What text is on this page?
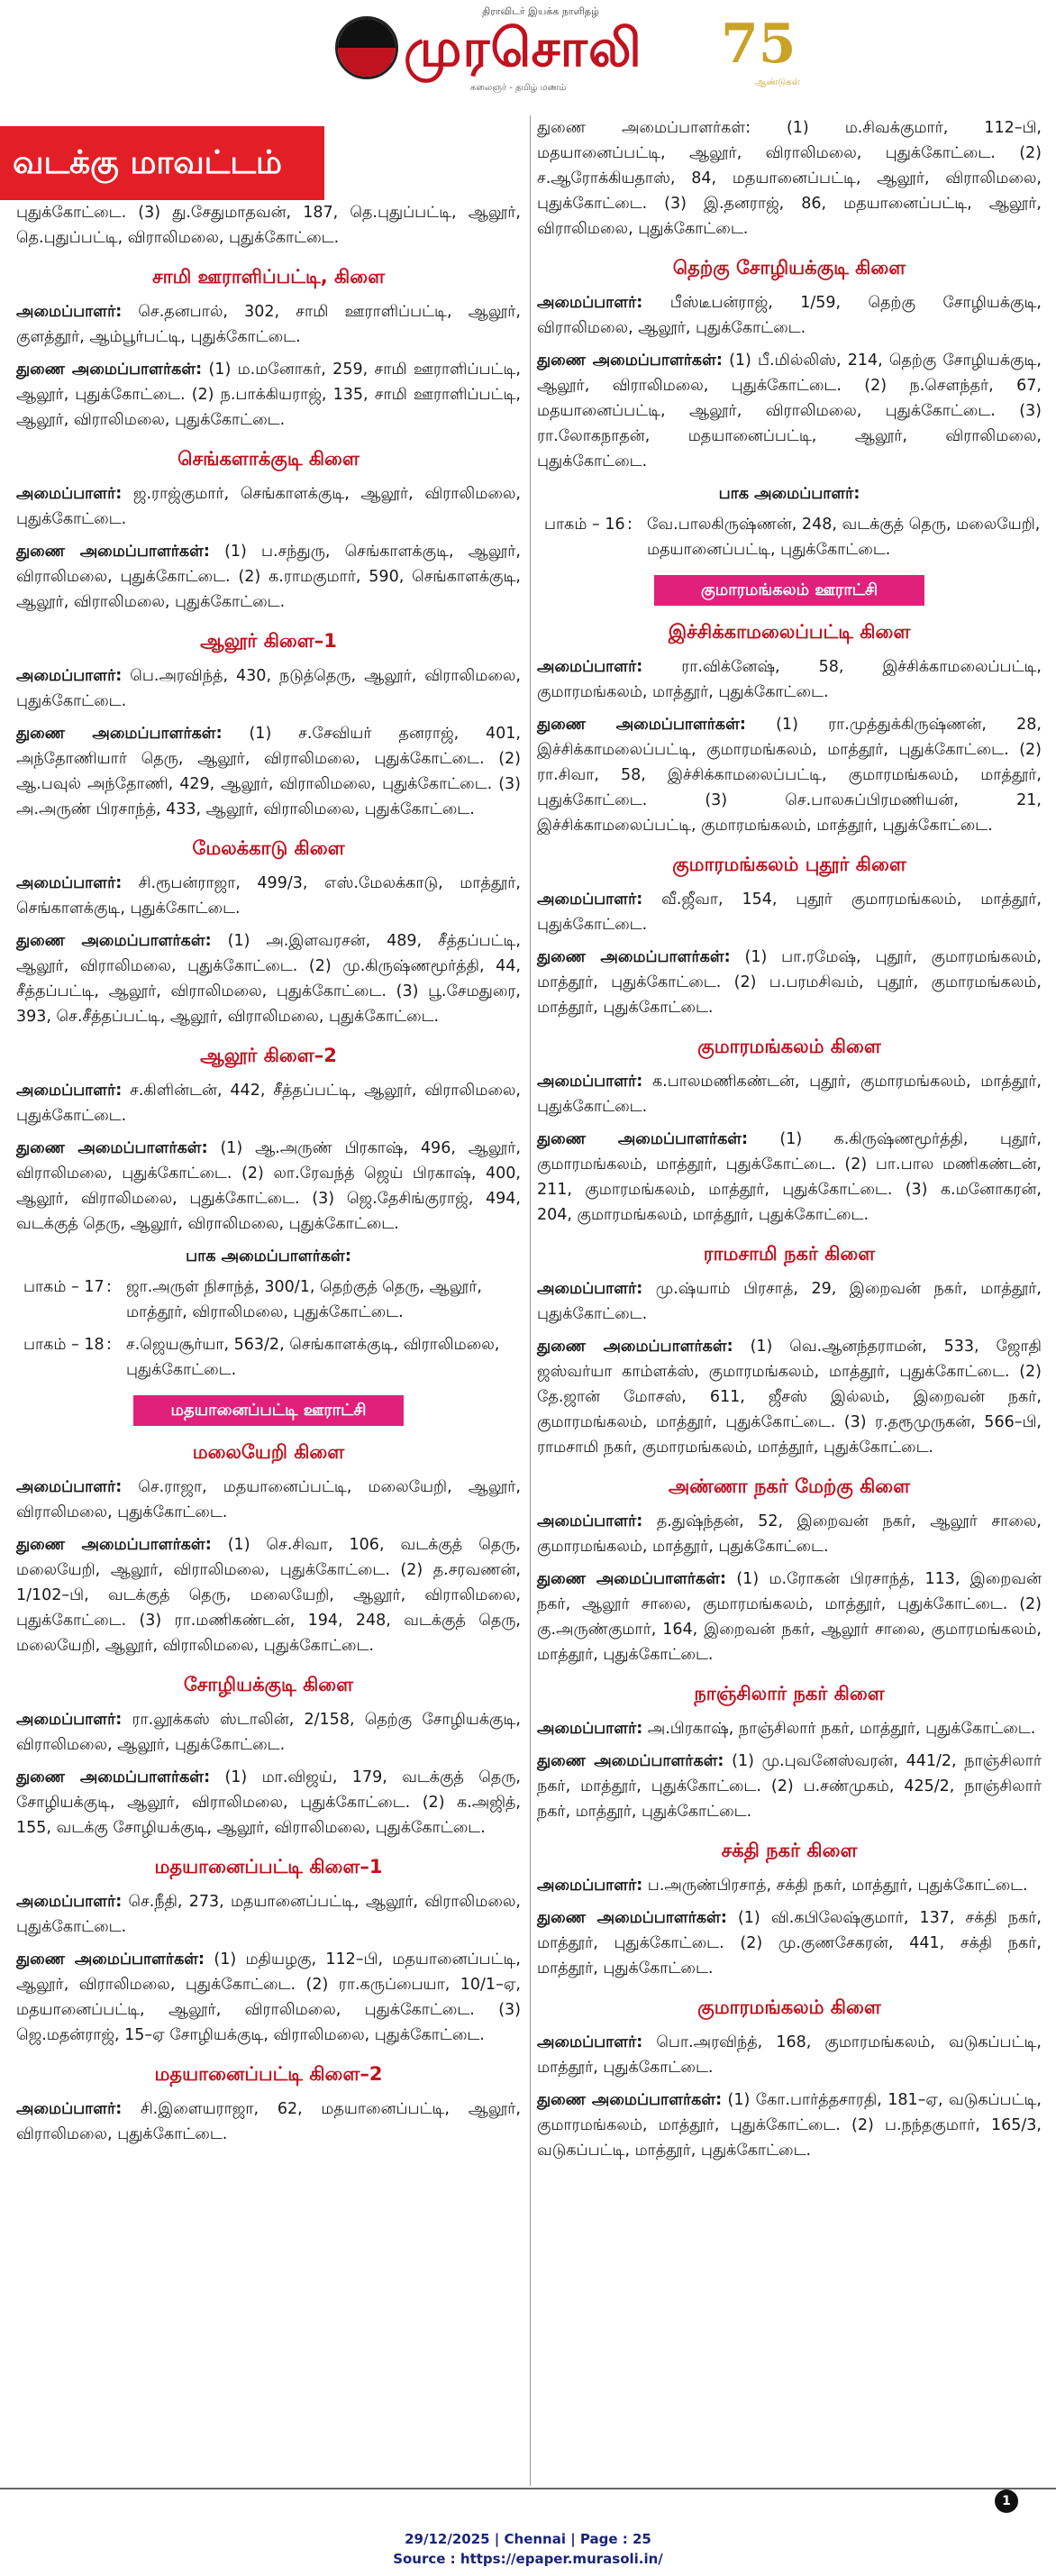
திராவிடர் இயக்க நாளிதழ்
முரசொலி 75
ஆண்டுகள்
கலைஞர் - தமிழ் மணம்
வடக்கு மாவட்டம்
புதுக்கோட்டை. (3) து.சேதுமாதவன், 187, தெ.புதுப்பட்டி, ஆலூர், தெ.புதுப்பட்டி, விராலிமலை, புதுக்கோட்டை.
சாமி ஊராளிப்பட்டி, கிளை
அமைப்பாளர்: செ.தனபால், 302, சாமி ஊராளிப்பட்டி, ஆலூர், குளத்தூர், ஆம்பூர்பட்டி, புதுக்கோட்டை.
துணை அமைப்பாளர்கள்: (1) ம.மனோகர், 259, சாமி ஊராளிப்பட்டி, ஆலூர், புதுக்கோட்டை. (2) ந.பாக்கியராஜ், 135, சாமி ஊராளிப்பட்டி, ஆலூர், விராலிமலை, புதுக்கோட்டை.
செங்களாக்குடி கிளை
அமைப்பாளர்: ஜ.ராஜ்குமார், செங்காளக்குடி, ஆலூர், விராலிமலை, புதுக்கோட்டை.
துணை அமைப்பாளர்கள்: (1) ப.சந்துரு, செங்காளக்குடி, ஆலூர், விராலிமலை, புதுக்கோட்டை. (2) க.ராமகுமார், 590, செங்காளக்குடி, ஆலூர், விராலிமலை, புதுக்கோட்டை.
ஆலூர் கிளை–1
அமைப்பாளர்: பெ.அரவிந்த், 430, நடுத்தெரு, ஆலூர், விராலிமலை, புதுக்கோட்டை.
துணை அமைப்பாளர்கள்: (1) ச.சேவியர் தனராஜ், 401, அந்தோணியார் தெரு, ஆலூர், விராலிமலை, புதுக்கோட்டை. (2) ஆ.பவுல் அந்தோணி, 429, ஆலூர், விராலிமலை, புதுக்கோட்டை. (3) அ.அருண் பிரசாந்த், 433, ஆலூர், விராலிமலை, புதுக்கோட்டை.
மேலக்காடு கிளை
அமைப்பாளர்: சி.ரூபன்ராஜா, 499/3, எஸ்.மேலக்காடு, மாத்தூர், செங்காளக்குடி, புதுக்கோட்டை.
துணை அமைப்பாளர்கள்: (1) அ.இளவரசன், 489, சீத்தப்பட்டி, ஆலூர், விராலிமலை, புதுக்கோட்டை. (2) மு.கிருஷ்ணமூர்த்தி, 44, சீத்தப்பட்டி, ஆலூர், விராலிமலை, புதுக்கோட்டை. (3) பூ.சேமதுரை, 393, செ.சீத்தப்பட்டி, ஆலூர், விராலிமலை, புதுக்கோட்டை.
ஆலூர் கிளை–2
அமைப்பாளர்: ச.கிளின்டன், 442, சீத்தப்பட்டி, ஆலூர், விராலிமலை, புதுக்கோட்டை.
துணை அமைப்பாளர்கள்: (1) ஆ.அருண் பிரகாஷ், 496, ஆலூர், விராலிமலை, புதுக்கோட்டை. (2) லா.ரேவந்த் ஜெய் பிரகாஷ், 400, ஆலூர், விராலிமலை, புதுக்கோட்டை. (3) ஜெ.தேசிங்குராஜ், 494, வடக்குத் தெரு, ஆலூர், விராலிமலை, புதுக்கோட்டை.
பாக அமைப்பாளர்கள்:
பாகம் – 17 : ஜா.அருள் நிசாந்த், 300/1, தெற்குத் தெரு, ஆலூர், மாத்தூர், விராலிமலை, புதுக்கோட்டை.
பாகம் – 18 : ச.ஜெயசூர்யா, 563/2, செங்காளக்குடி, விராலிமலை, புதுக்கோட்டை.
மதயானைப்பட்டி ஊராட்சி
மலையேறி கிளை
அமைப்பாளர்: செ.ராஜா, மதயானைப்பட்டி, மலையேறி, ஆலூர், விராலிமலை, புதுக்கோட்டை.
துணை அமைப்பாளர்கள்: (1) செ.சிவா, 106, வடக்குத் தெரு, மலையேறி, ஆலூர், விராலிமலை, புதுக்கோட்டை. (2) த.சரவணன், 1/102–பி, வடக்குத் தெரு, மலையேறி, ஆலூர், விராலிமலை, புதுக்கோட்டை. (3) ரா.மணிகண்டன், 194, 248, வடக்குத் தெரு, மலையேறி, ஆலூர், விராலிமலை, புதுக்கோட்டை.
சோழியக்குடி கிளை
அமைப்பாளர்: ரா.லூக்கஸ் ஸ்டாலின், 2/158, தெற்கு சோழியக்குடி, விராலிமலை, ஆலூர், புதுக்கோட்டை.
துணை அமைப்பாளர்கள்: (1) மா.விஜய், 179, வடக்குத் தெரு, சோழியக்குடி, ஆலூர், விராலிமலை, புதுக்கோட்டை. (2) க.அஜித், 155, வடக்கு சோழியக்குடி, ஆலூர், விராலிமலை, புதுக்கோட்டை.
மதயானைப்பட்டி கிளை–1
அமைப்பாளர்: செ.நீதி, 273, மதயானைப்பட்டி, ஆலூர், விராலிமலை, புதுக்கோட்டை.
துணை அமைப்பாளர்கள்: (1) மதியழகு, 112–பி, மதயானைப்பட்டி, ஆலூர், விராலிமலை, புதுக்கோட்டை. (2) ரா.கருப்பையா, 10/1–ஏ, மதயானைப்பட்டி, ஆலூர், விராலிமலை, புதுக்கோட்டை. (3) ஜெ.மதன்ராஜ், 15–ஏ சோழியக்குடி, விராலிமலை, புதுக்கோட்டை.
மதயானைப்பட்டி கிளை–2
அமைப்பாளர்: சி.இளையராஜா, 62, மதயானைப்பட்டி, ஆலூர், விராலிமலை, புதுக்கோட்டை.
துணை அமைப்பாளர்கள்: (1) ம.சிவக்குமார், 112–பி, மதயானைப்பட்டி, ஆலூர், விராலிமலை, புதுக்கோட்டை. (2) ச.ஆரோக்கியதாஸ், 84, மதயானைப்பட்டி, ஆலூர், விராலிமலை, புதுக்கோட்டை. (3) இ.தனராஜ், 86, மதயானைப்பட்டி, ஆலூர், விராலிமலை, புதுக்கோட்டை.
தெற்கு சோழியக்குடி கிளை
அமைப்பாளர்: பீஸ்டீபன்ராஜ், 1/59, தெற்கு சோழியக்குடி, விராலிமலை, ஆலூர், புதுக்கோட்டை.
துணை அமைப்பாளர்கள்: (1) பீ.மில்லிஸ், 214, தெற்கு சோழியக்குடி, ஆலூர், விராலிமலை, புதுக்கோட்டை. (2) ந.சௌந்தர், 67, மதயானைப்பட்டி, ஆலூர், விராலிமலை, புதுக்கோட்டை. (3) ரா.லோகநாதன், மதயானைப்பட்டி, ஆலூர், விராலிமலை, புதுக்கோட்டை.
பாக அமைப்பாளர்:
பாகம் – 16 : வே.பாலகிருஷ்ணன், 248, வடக்குத் தெரு, மலையேறி, மதயானைப்பட்டி, புதுக்கோட்டை.
குமாரமங்கலம் ஊராட்சி
இச்சிக்காமலைப்பட்டி கிளை
அமைப்பாளர்: ரா.விக்னேஷ், 58, இச்சிக்காமலைப்பட்டி, குமாரமங்கலம், மாத்தூர், புதுக்கோட்டை.
துணை அமைப்பாளர்கள்: (1) ரா.முத்துக்கிருஷ்ணன், 28, இச்சிக்காமலைப்பட்டி, குமாரமங்கலம், மாத்தூர், புதுக்கோட்டை. (2) ரா.சிவா, 58, இச்சிக்காமலைப்பட்டி, குமாரமங்கலம், மாத்தூர், புதுக்கோட்டை. (3) செ.பாலசுப்பிரமணியன், 21, இச்சிக்காமலைப்பட்டி, குமாரமங்கலம், மாத்தூர், புதுக்கோட்டை.
குமாரமங்கலம் புதூர் கிளை
அமைப்பாளர்: வீ.ஜீவா, 154, புதூர் குமாரமங்கலம், மாத்தூர், புதுக்கோட்டை.
துணை அமைப்பாளர்கள்: (1) பா.ரமேஷ், புதூர், குமாரமங்கலம், மாத்தூர், புதுக்கோட்டை. (2) ப.பரமசிவம், புதூர், குமாரமங்கலம், மாத்தூர், புதுக்கோட்டை.
குமாரமங்கலம் கிளை
அமைப்பாளர்: க.பாலமணிகண்டன், புதூர், குமாரமங்கலம், மாத்தூர், புதுக்கோட்டை.
துணை அமைப்பாளர்கள்: (1) க.கிருஷ்ணமூர்த்தி, புதூர், குமாரமங்கலம், மாத்தூர், புதுக்கோட்டை. (2) பா.பால மணிகண்டன், 211, குமாரமங்கலம், மாத்தூர், புதுக்கோட்டை. (3) க.மனோகரன், 204, குமாரமங்கலம், மாத்தூர், புதுக்கோட்டை.
ராமசாமி நகர் கிளை
அமைப்பாளர்: மு.ஷ்யாம் பிரசாத், 29, இறைவன் நகர், மாத்தூர், புதுக்கோட்டை.
துணை அமைப்பாளர்கள்: (1) வெ.ஆனந்தராமன், 533, ஜோதி ஜஸ்வர்யா காம்ளக்ஸ், குமாரமங்கலம், மாத்தூர், புதுக்கோட்டை. (2) தே.ஜான் மோசஸ், 611, ஜீசஸ் இல்லம், இறைவன் நகர், குமாரமங்கலம், மாத்தூர், புதுக்கோட்டை. (3) ர.தரூமுருகன், 566–பி, ராமசாமி நகர், குமாரமங்கலம், மாத்தூர், புதுக்கோட்டை.
அண்ணா நகர் மேற்கு கிளை
அமைப்பாளர்: த.துஷ்ந்தன், 52, இறைவன் நகர், ஆலூர் சாலை, குமாரமங்கலம், மாத்தூர், புதுக்கோட்டை.
துணை அமைப்பாளர்கள்: (1) ம.ரோகன் பிரசாந்த், 113, இறைவன் நகர், ஆலூர் சாலை, குமாரமங்கலம், மாத்தூர், புதுக்கோட்டை. (2) கு.அருண்குமார், 164, இறைவன் நகர், ஆலூர் சாலை, குமாரமங்கலம், மாத்தூர், புதுக்கோட்டை.
நாஞ்சிலார் நகர் கிளை
அமைப்பாளர்: அ.பிரகாஷ், நாஞ்சிலார் நகர், மாத்தூர், புதுக்கோட்டை.
துணை அமைப்பாளர்கள்: (1) மு.புவனேஸ்வரன், 441/2, நாஞ்சிலார் நகர், மாத்தூர், புதுக்கோட்டை. (2) ப.சண்முகம், 425/2, நாஞ்சிலார் நகர், மாத்தூர், புதுக்கோட்டை.
சக்தி நகர் கிளை
அமைப்பாளர்: ப.அருண்பிரசாத், சக்தி நகர், மாத்தூர், புதுக்கோட்டை.
துணை அமைப்பாளர்கள்: (1) வி.கபிலேஷ்குமார், 137, சக்தி நகர், மாத்தூர், புதுக்கோட்டை. (2) மு.குணசேகரன், 441, சக்தி நகர், மாத்தூர், புதுக்கோட்டை.
குமாரமங்கலம் கிளை
அமைப்பாளர்: பொ.அரவிந்த், 168, குமாரமங்கலம், வடுகப்பட்டி, மாத்தூர், புதுக்கோட்டை.
துணை அமைப்பாளர்கள்: (1) கோ.பார்த்தசாரதி, 181–ஏ, வடுகப்பட்டி, குமாரமங்கலம், மாத்தூர், புதுக்கோட்டை. (2) ப.நந்தகுமார், 165/3, வடுகப்பட்டி, மாத்தூர், புதுக்கோட்டை.
1
29/12/2025 | Chennai | Page : 25
Source : https://epaper.murasoli.in/
